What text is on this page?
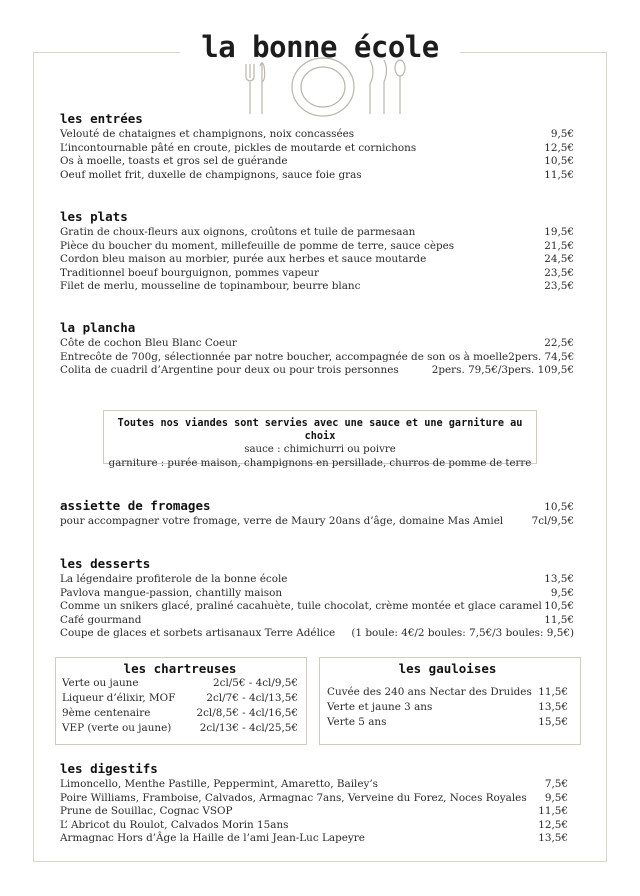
la bonne école
les entrées
Velouté de chataignes et champignons, noix concassées	9,5€
L’incontournable pâté en croute, pickles de moutarde et cornichons	12,5€
Os à moelle, toasts et gros sel de guérande	10,5€
Oeuf mollet frit, duxelle de champignons, sauce foie gras	11,5€
les plats
Gratin de choux-fleurs aux oignons, croûtons et tuile de parmesaan	19,5€
Pièce du boucher du moment, millefeuille de pomme de terre, sauce cèpes	21,5€
Cordon bleu maison au morbier, purée aux herbes et sauce moutarde	24,5€
Traditionnel boeuf bourguignon, pommes vapeur	23,5€
Filet de merlu, mousseline de topinambour, beurre blanc	23,5€
la plancha
Côte de cochon Bleu Blanc Coeur	22,5€
Entrecôte de 700g, sélectionnée par notre boucher, accompagnée de son os à moelle 2pers. 74,5€
Colita de cuadril d’Argentine pour deux ou pour trois personnes	2pers. 79,5€/3pers. 109,5€
Toutes nos viandes sont servies avec une sauce et une garniture au choix
sauce : chimichurri ou poivre
garniture : purée maison, champignons en persillade, churros de pomme de terre
assiette de fromages	10,5€
pour accompagner votre fromage, verre de Maury 20ans d’âge, domaine Mas Amiel	7cl/9,5€
les desserts
La légendaire profiterole de la bonne école	13,5€
Pavlova mangue-passion, chantilly maison	9,5€
Comme un snikers glacé, praliné cacahuète, tuile chocolat, crème montée et glace caramel 10,5€
Café gourmand	11,5€
Coupe de glaces et sorbets artisanaux Terre Adélice (1 boule: 4€/2 boules: 7,5€/3 boules: 9,5€)
les chartreuses
Verte ou jaune	2cl/5€ - 4cl/9,5€
Liqueur d’élixir, MOF	2cl/7€ - 4cl/13,5€
9ème centenaire	2cl/8,5€ - 4cl/16,5€
VEP (verte ou jaune)	2cl/13€ - 4cl/25,5€
les gauloises
Cuvée des 240 ans Nectar des Druides 11,5€
Verte et jaune 3 ans	13,5€
Verte 5 ans	15,5€
les digestifs
Limoncello, Menthe Pastille, Peppermint, Amaretto, Bailey’s	7,5€
Poire Williams, Framboise, Calvados, Armagnac 7ans, Verveine du Forez, Noces Royales 9,5€
Prune de Souillac, Cognac VSOP	11,5€
L’ Abricot du Roulot, Calvados Morin 15ans	12,5€
Armagnac Hors d’Âge la Haille de l’ami Jean-Luc Lapeyre	13,5€
